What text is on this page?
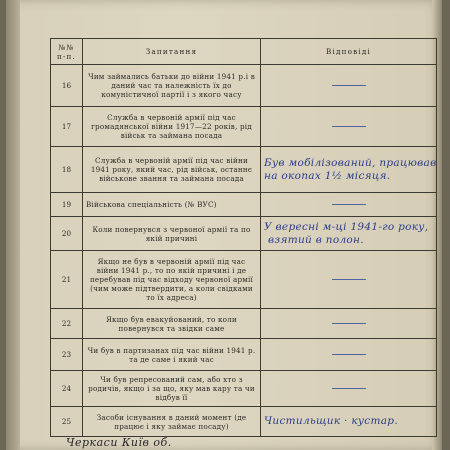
№№
п-п.	Запитання	Відповіді
16	Чим займались батьки до війни 1941 р.і в даний час та належність їх до комуністичної партії і з якого часу	

17	Служба в червоній армії під час громадянської війни 1917—22 років, рід військ та займана посада	

18	Служба в червоній армії під час війни 1941 року, який час, рід військ, останнє військове звання та займана посада	Був мобілізований, працював
на окопах 1½ місяця.

19	Військова спеціальність (№ ВУС)	

20	Коли повернувся з червоної армії та по якій причині	У вересні м-ці 1941-го року,
взятий в полон.

21	Якщо не був в червоній армії під час війни 1941 р., то по якій причині і де перебував під час відходу червоної армії (чим може підтвердити, а коли свідками то їх адреса)	

22	Якщо був евакуйований, то коли повернувся та звідки саме	

23	Чи був в партизанах під час війни 1941 р. та де саме і який час	

24	Чи був репресований сам, або хто з родичів, якщо і за що, яку мав кару та чи відбув її	

25	Засоби існування в даний момент (де працює і яку займає посаду)	Чистильщик · кустар.
Черкаси Київ об.
